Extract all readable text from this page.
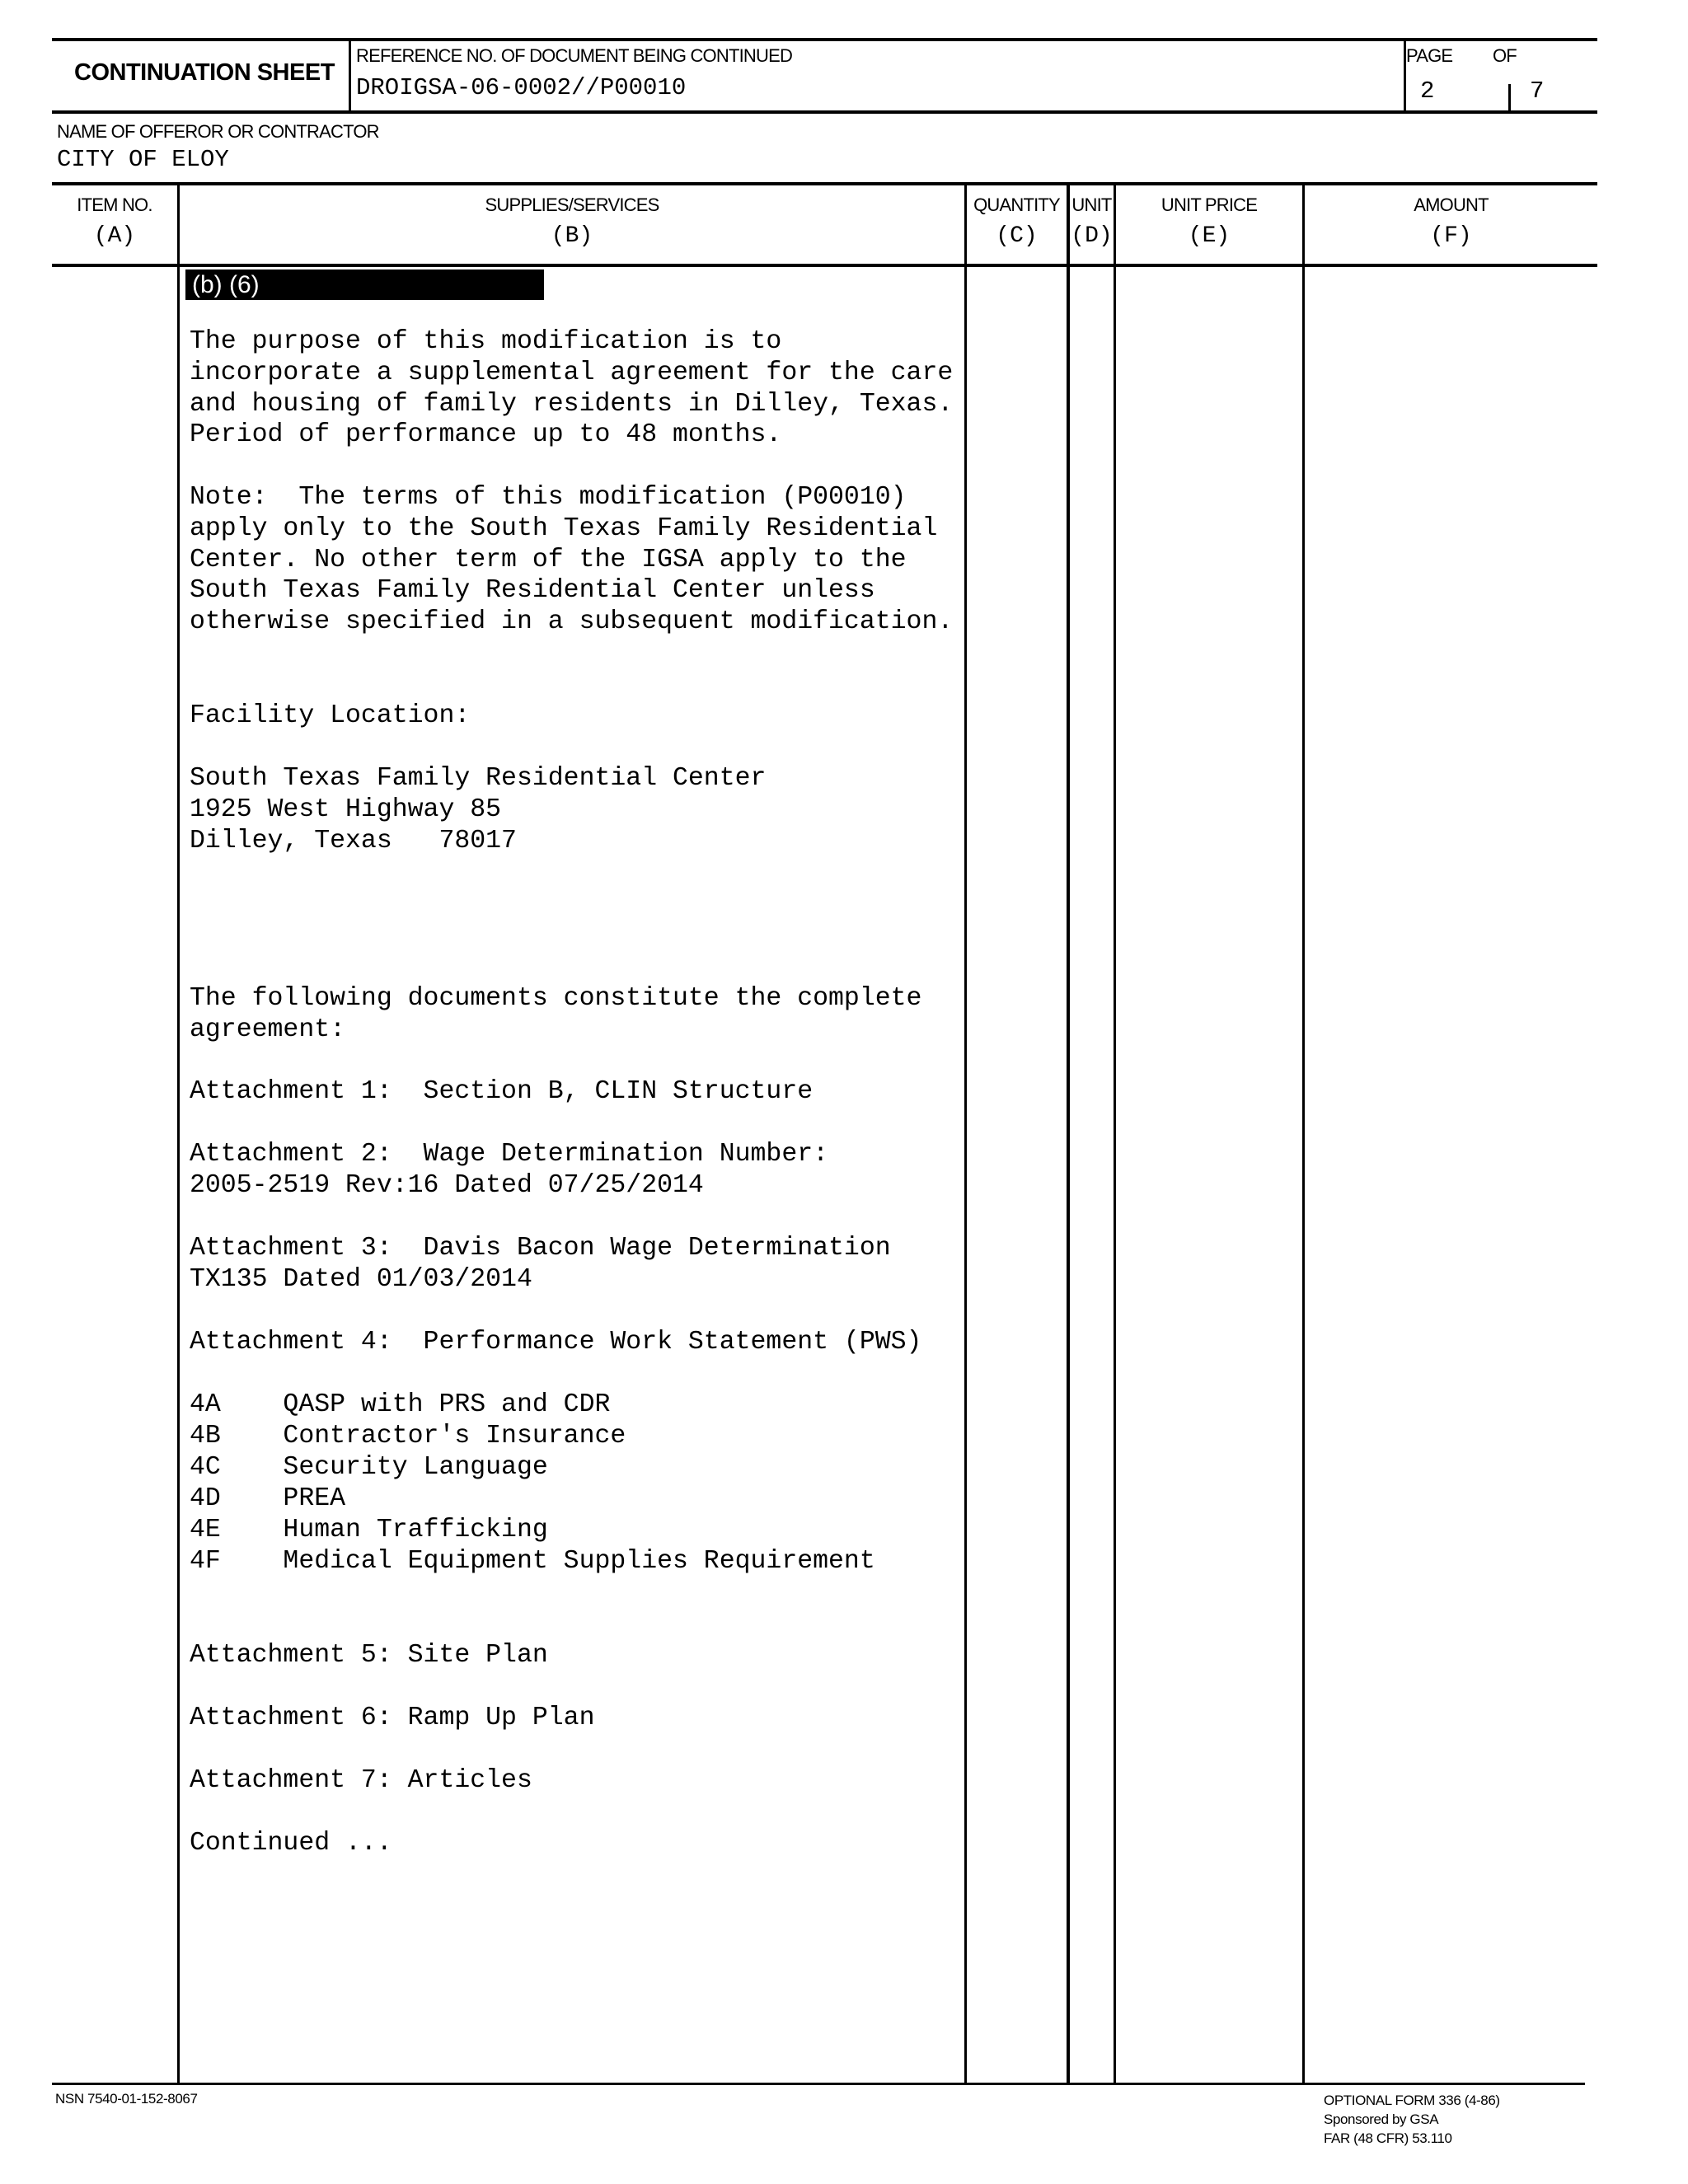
CONTINUATION SHEET
REFERENCE NO. OF DOCUMENT BEING CONTINUED
DROIGSA-06-0002//P00010
PAGE OF
2	7
NAME OF OFFEROR OR CONTRACTOR
CITY OF ELOY
ITEM NO.
(A)
SUPPLIES/SERVICES
(B)
QUANTITY
(C)
UNIT
(D)
UNIT PRICE
(E)
AMOUNT
(F)
(b) (6)
The purpose of this modification is to
incorporate a supplemental agreement for the care
and housing of family residents in Dilley, Texas.
Period of performance up to 48 months.
Note:  The terms of this modification (P00010)
apply only to the South Texas Family Residential
Center. No other term of the IGSA apply to the
South Texas Family Residential Center unless
otherwise specified in a subsequent modification.
Facility Location:
South Texas Family Residential Center
1925 West Highway 85
Dilley, Texas   78017
The following documents constitute the complete
agreement:
Attachment 1:  Section B, CLIN Structure
Attachment 2:  Wage Determination Number:
2005-2519 Rev:16 Dated 07/25/2014
Attachment 3:  Davis Bacon Wage Determination
TX135 Dated 01/03/2014
Attachment 4:  Performance Work Statement (PWS)
4A    QASP with PRS and CDR
4B    Contractor's Insurance
4C    Security Language
4D    PREA
4E    Human Trafficking
4F    Medical Equipment Supplies Requirement
Attachment 5: Site Plan
Attachment 6: Ramp Up Plan
Attachment 7: Articles
Continued ...
NSN 7540-01-152-8067	OPTIONAL FORM 336 (4-86)
Sponsored by GSA
FAR (48 CFR) 53.110
